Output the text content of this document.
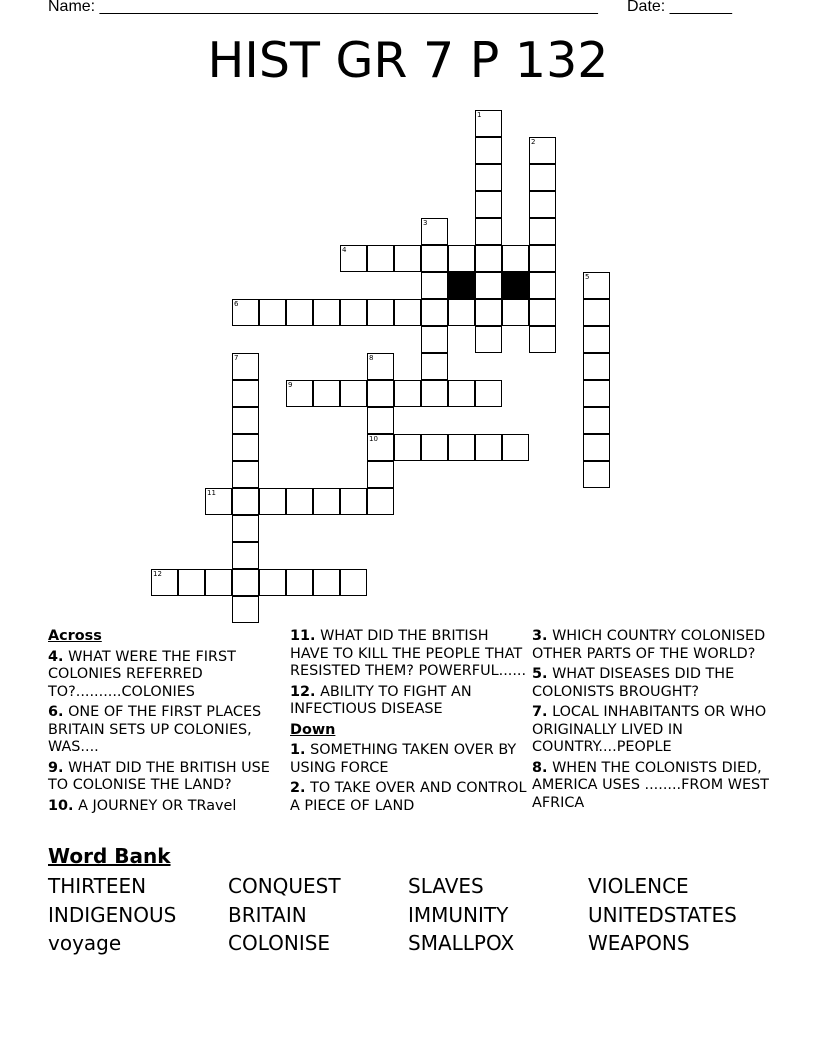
Name: ________________________________________________________ Date: _______
HIST GR 7 P 132
1
2
3
4
5
6
7	8
10
9
11
12

Across

4. WHAT WERE THE FIRST COLONIES REFERRED TO?..........COLONIES

6. ONE OF THE FIRST PLACES BRITAIN SETS UP COLONIES, WAS....

9. WHAT DID THE BRITISH USE TO COLONISE THE LAND?

10. A JOURNEY OR TRavel

11. WHAT DID THE BRITISH HAVE TO KILL THE PEOPLE THAT RESISTED THEM? POWERFUL......

12. ABILITY TO FIGHT AN INFECTIOUS DISEASE

Down

1. SOMETHING TAKEN OVER BY USING FORCE

2. TO TAKE OVER AND CONTROL A PIECE OF LAND

3. WHICH COUNTRY COLONISED OTHER PARTS OF THE WORLD?

5. WHAT DISEASES DID THE COLONISTS BROUGHT?

7. LOCAL INHABITANTS OR WHO ORIGINALLY LIVED IN COUNTRY....PEOPLE

8. WHEN THE COLONISTS DIED, AMERICA USES ........FROM WEST AFRICA

Word Bank

THIRTEEN	CONQUEST	SLAVES	VIOLENCE
INDIGENOUS	BRITAIN	IMMUNITY	UNITEDSTATES
voyage	COLONISE	SMALLPOX	WEAPONS
